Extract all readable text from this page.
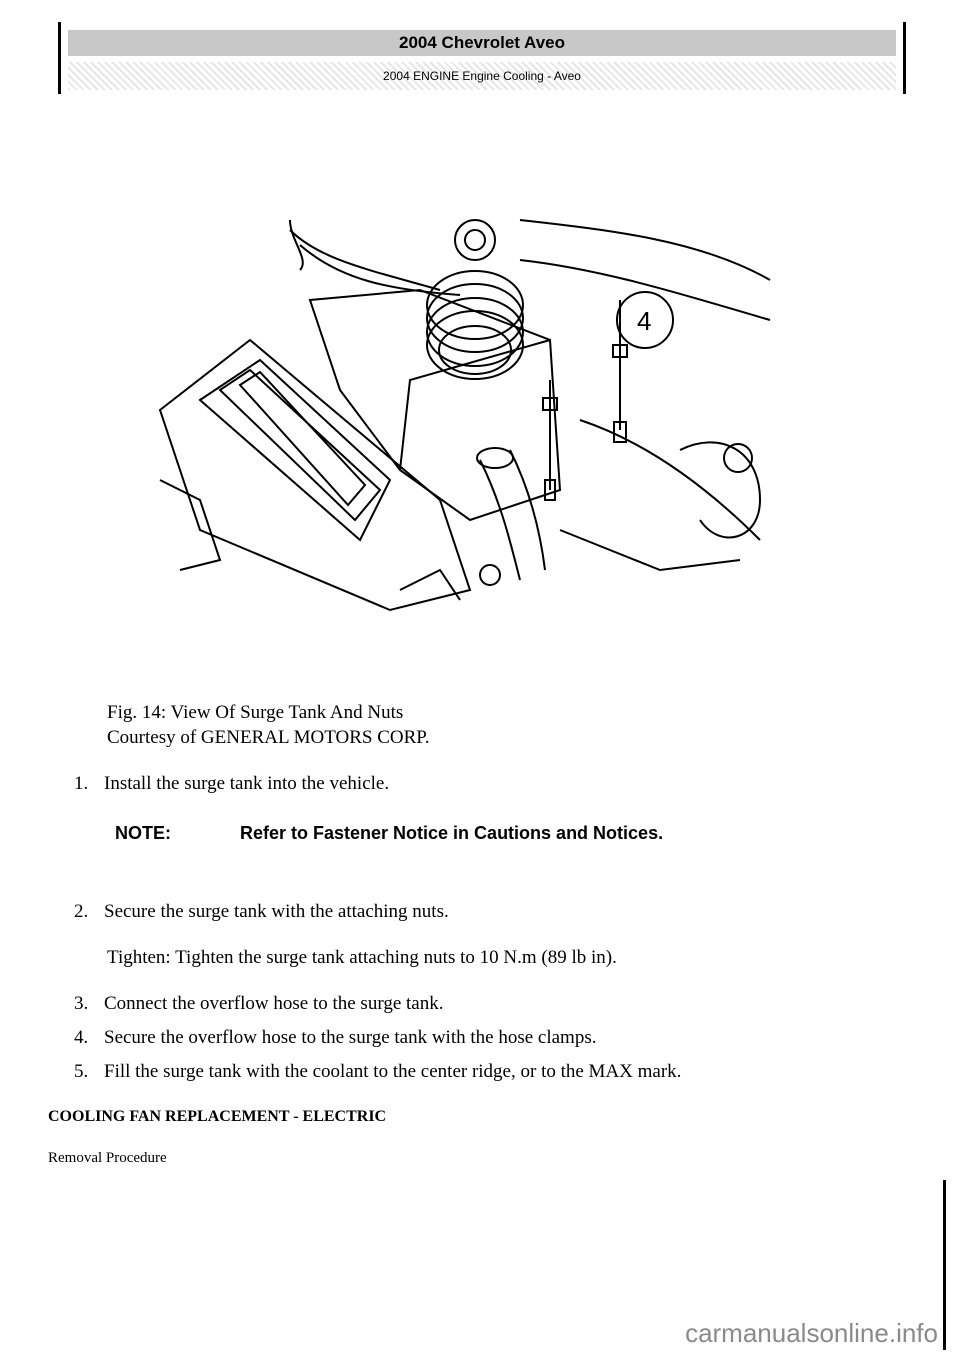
2004 Chevrolet Aveo
2004 ENGINE Engine Cooling - Aveo
4
Fig. 14: View Of Surge Tank And Nuts
Courtesy of GENERAL MOTORS CORP.
1. Install the surge tank into the vehicle.
NOTE:	Refer to Fastener Notice in Cautions and Notices.
2. Secure the surge tank with the attaching nuts.
Tighten: Tighten the surge tank attaching nuts to 10 N.m (89 lb in).
3. Connect the overflow hose to the surge tank.
4. Secure the overflow hose to the surge tank with the hose clamps.
5. Fill the surge tank with the coolant to the center ridge, or to the MAX mark.
COOLING FAN REPLACEMENT - ELECTRIC
Removal Procedure
carmanualsonline.info
